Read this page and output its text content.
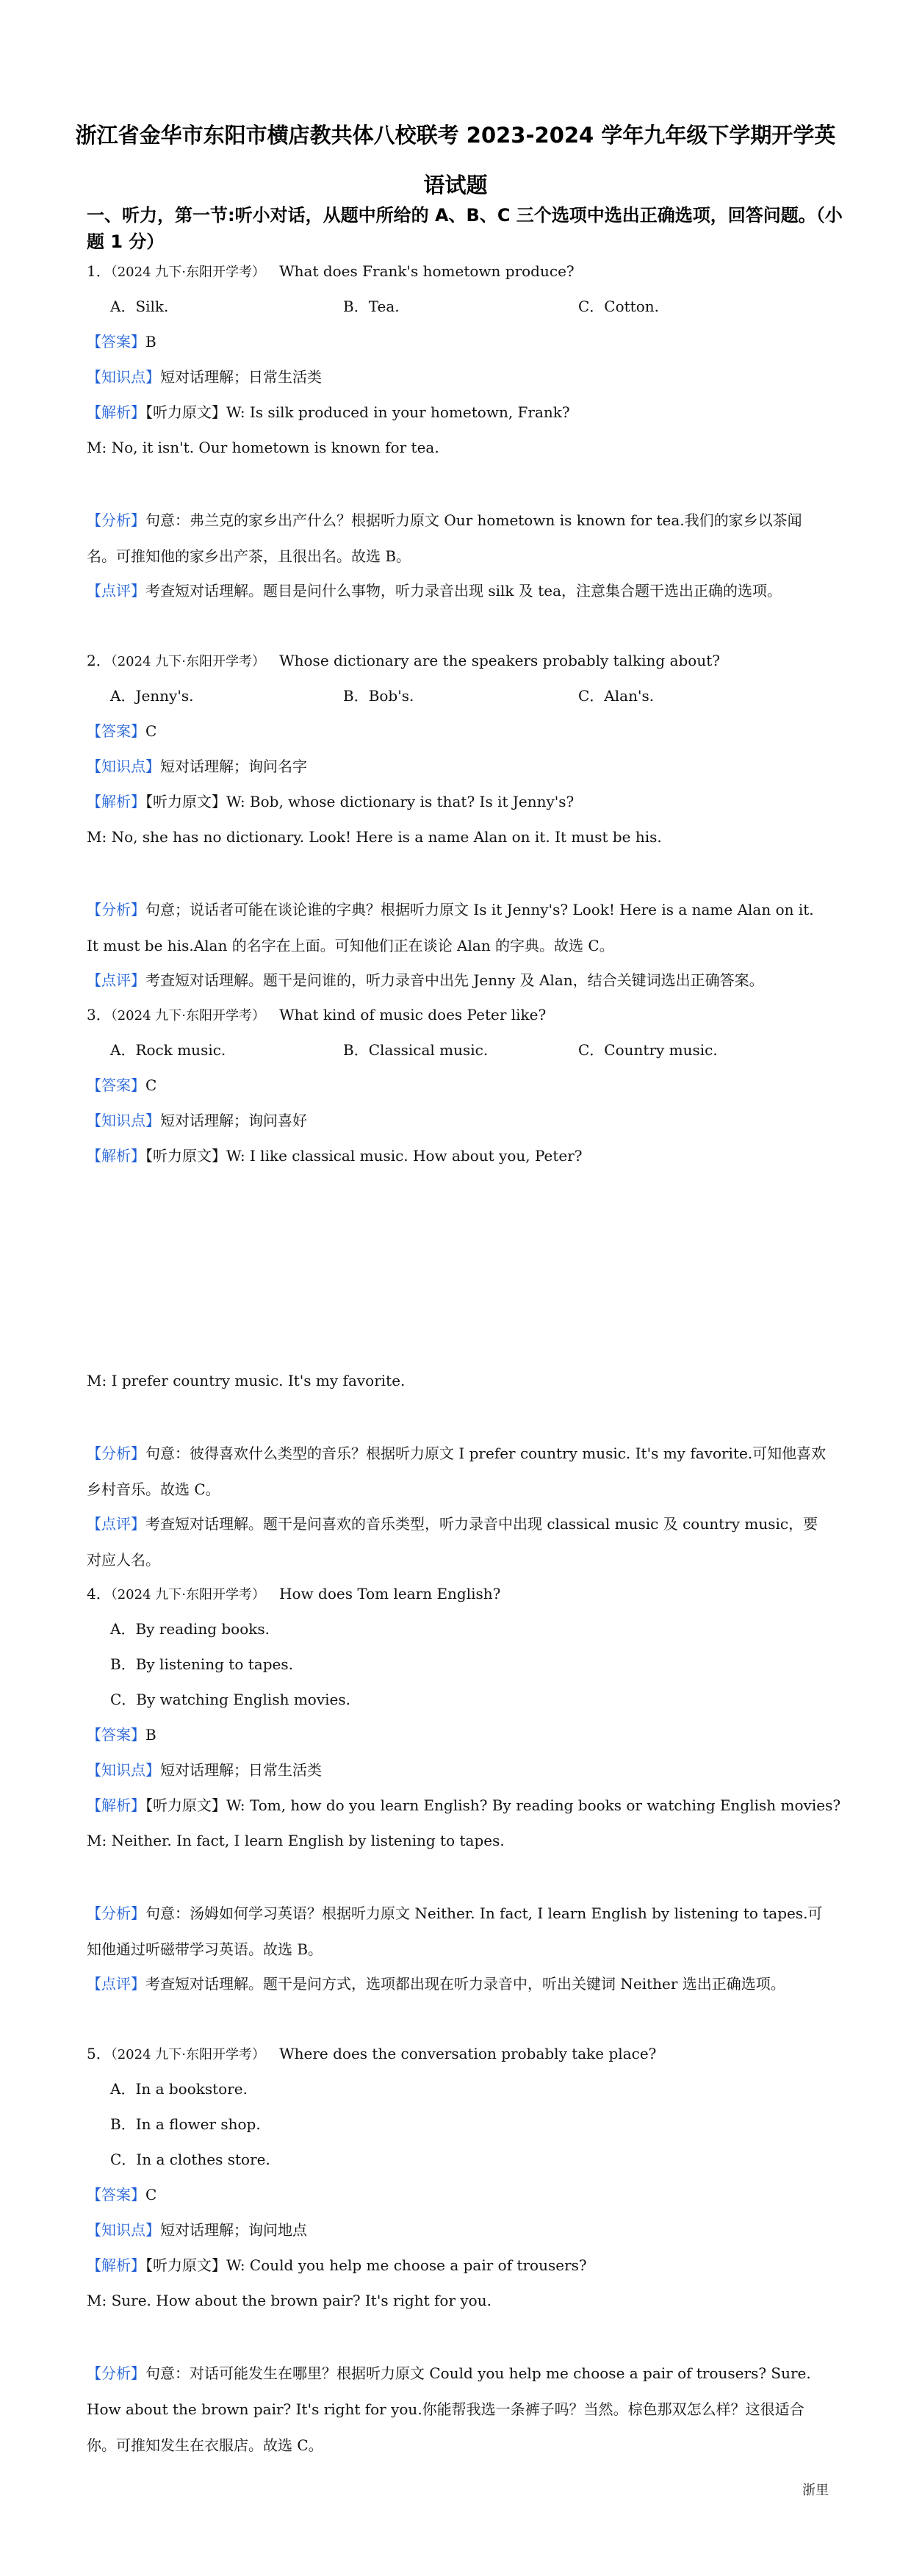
浙江省金华市东阳市横店教共体八校联考 2023-2024 学年九年级下学期开学英
语试题
一、听力，第一节:听小对话，从题中所给的 A、B、C 三个选项中选出正确选项，回答问题。（小题 1 分）
1．（2024 九下·东阳开学考） What does Frank's hometown produce?
A．Silk.	B．Tea.	C．Cotton.
【答案】B
【知识点】短对话理解；日常生活类
【解析】【听力原文】W: Is silk produced in your hometown, Frank?
M: No, it isn't. Our hometown is known for tea.
【分析】句意：弗兰克的家乡出产什么？根据听力原文 Our hometown is known for tea.我们的家乡以茶闻名。可推知他的家乡出产茶，且很出名。故选 B。
【点评】考查短对话理解。题目是问什么事物，听力录音出现 silk 及 tea，注意集合题干选出正确的选项。
2．（2024 九下·东阳开学考） Whose dictionary are the speakers probably talking about?
A．Jenny's.	B．Bob's.	C．Alan's.
【答案】C
【知识点】短对话理解；询问名字
【解析】【听力原文】W: Bob, whose dictionary is that? Is it Jenny's?
M: No, she has no dictionary. Look! Here is a name Alan on it. It must be his.
【分析】句意；说话者可能在谈论谁的字典？根据听力原文 Is it Jenny's? Look! Here is a name Alan on it. It must be his.Alan 的名字在上面。可知他们正在谈论 Alan 的字典。故选 C。
【点评】考查短对话理解。题干是问谁的，听力录音中出先 Jenny 及 Alan，结合关键词选出正确答案。
3．（2024 九下·东阳开学考） What kind of music does Peter like?
A．Rock music.	B．Classical music.	C．Country music.
【答案】C
【知识点】短对话理解；询问喜好
【解析】【听力原文】W: I like classical music. How about you, Peter?
M: I prefer country music. It's my favorite.
【分析】句意：彼得喜欢什么类型的音乐？根据听力原文 I prefer country music. It's my favorite.可知他喜欢乡村音乐。故选 C。
【点评】考查短对话理解。题干是问喜欢的音乐类型，听力录音中出现 classical music 及 country music，要对应人名。
4．（2024 九下·东阳开学考） How does Tom learn English?
A．By reading books.
B．By listening to tapes.
C．By watching English movies.
【答案】B
【知识点】短对话理解；日常生活类
【解析】【听力原文】W: Tom, how do you learn English? By reading books or watching English movies?
M: Neither. In fact, I learn English by listening to tapes.
【分析】句意：汤姆如何学习英语？根据听力原文 Neither. In fact, I learn English by listening to tapes.可知他通过听磁带学习英语。故选 B。
【点评】考查短对话理解。题干是问方式，选项都出现在听力录音中，听出关键词 Neither 选出正确选项。
5．（2024 九下·东阳开学考） Where does the conversation probably take place?
A．In a bookstore.
B．In a flower shop.
C．In a clothes store.
【答案】C
【知识点】短对话理解；询问地点
【解析】【听力原文】W: Could you help me choose a pair of trousers?
M: Sure. How about the brown pair? It's right for you.
【分析】句意：对话可能发生在哪里？根据听力原文 Could you help me choose a pair of trousers? Sure. How about the brown pair? It's right for you.你能帮我选一条裤子吗？当然。棕色那双怎么样？这很适合你。可推知发生在衣服店。故选 C。
浙里
